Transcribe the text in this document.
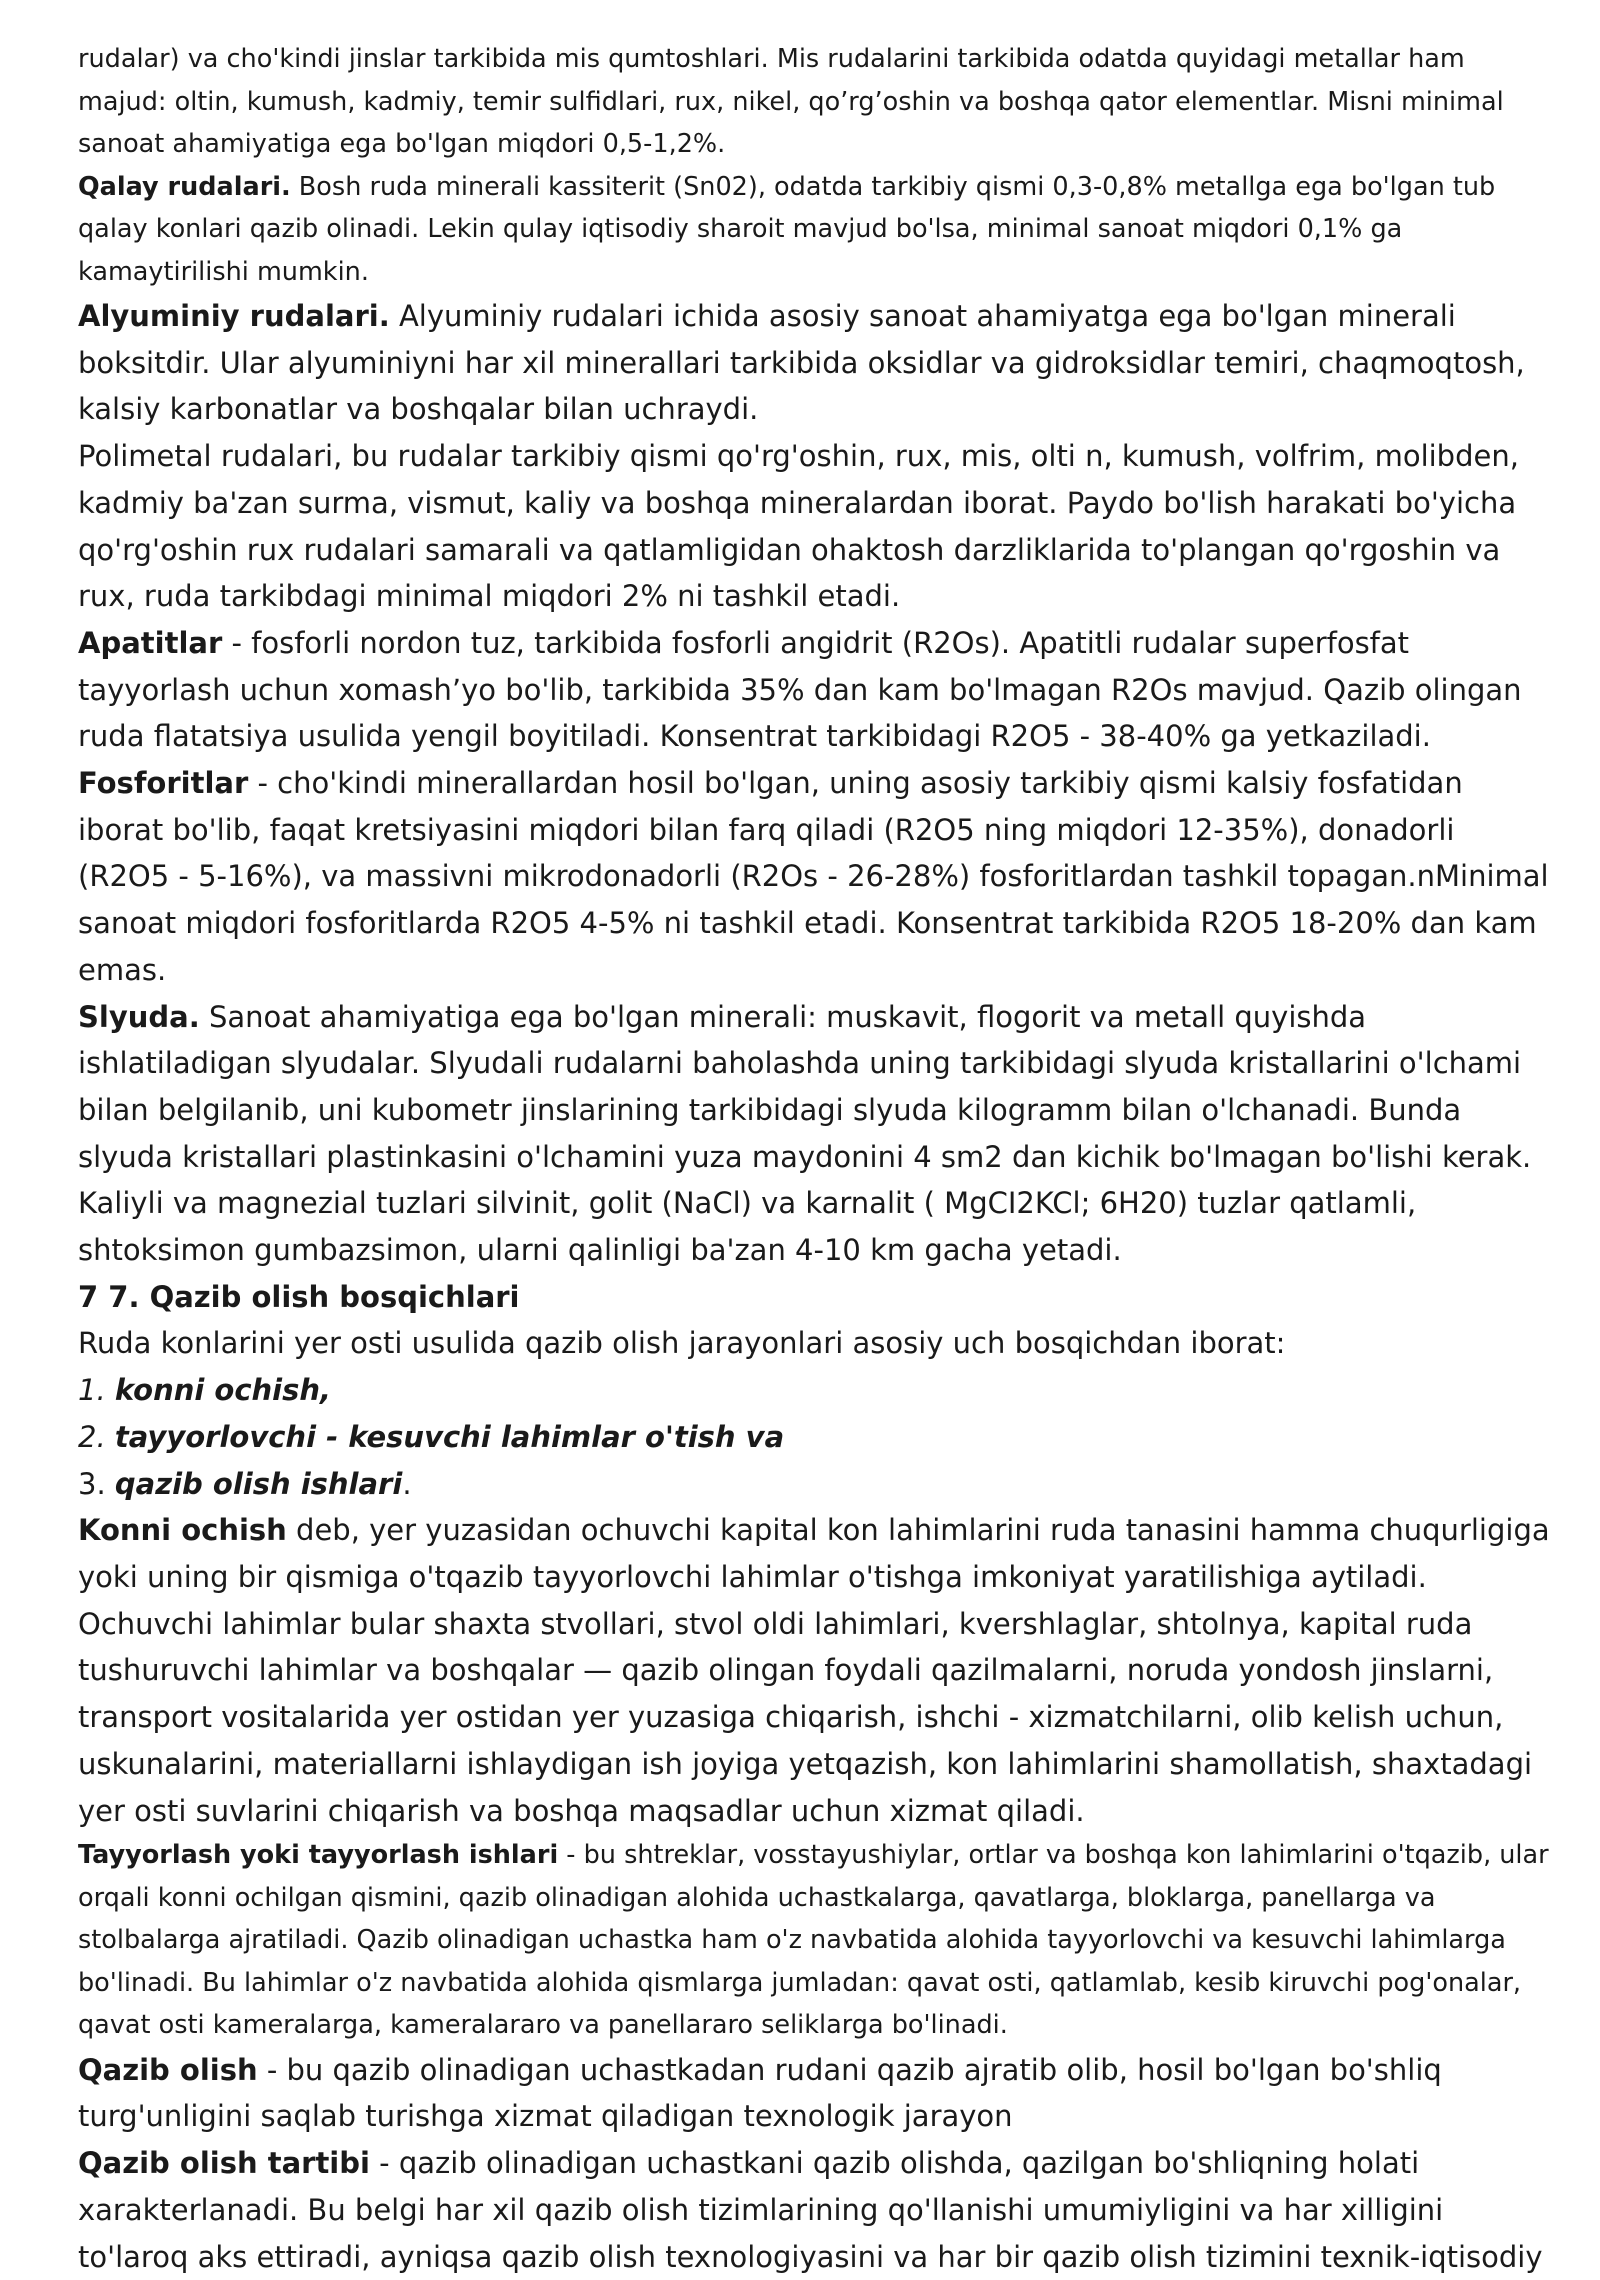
rudalar) va cho'kindi jinslar tarkibida mis qumtoshlari. Mis rudalarini tarkibida odatda quyidagi metallar ham majud: oltin, kumush, kadmiy, temir sulfidlari, rux, nikel, qo’rg’oshin va boshqa qator elementlar. Misni minimal sanoat ahamiyatiga ega bo'lgan miqdori 0,5-1,2%.
Qalay rudalari. Bosh ruda minerali kassiterit (Sn02), odatda tarkibiy qismi 0,3-0,8% metallga ega bo'lgan tub qalay konlari qazib olinadi. Lekin qulay iqtisodiy sharoit mavjud bo'lsa, minimal sanoat miqdori 0,1% ga kamaytirilishi mumkin.
Alyuminiy rudalari. Alyuminiy rudalari ichida asosiy sanoat ahamiyatga ega bo'lgan minerali boksitdir. Ular alyuminiyni har xil minerallari tarkibida oksidlar va gidroksidlar temiri, chaqmoqtosh, kalsiy karbonatlar va boshqalar bilan uchraydi.
Polimetal rudalari, bu rudalar tarkibiy qismi qo'rg'oshin, rux, mis, olti n, kumush, volfrim, molibden, kadmiy ba'zan surma, vismut, kaliy va boshqa mineralardan iborat. Paydo bo'lish harakati bo'yicha qo'rg'oshin rux rudalari samarali va qatlamligidan ohaktosh darzliklarida to'plangan qo'rgoshin va rux, ruda tarkibdagi minimal miqdori 2% ni tashkil etadi.
Apatitlar - fosforli nordon tuz, tarkibida fosforli angidrit (R2Os). Apatitli rudalar superfosfat tayyorlash uchun xomash’yo bo'lib, tarkibida 35% dan kam bo'lmagan R2Os mavjud. Qazib olingan ruda flatatsiya usulida yengil boyitiladi. Konsentrat tarkibidagi R2O5 - 38-40% ga yetkaziladi.
Fosforitlar - cho'kindi minerallardan hosil bo'lgan, uning asosiy tarkibiy qismi kalsiy fosfatidan iborat bo'lib, faqat kretsiyasini miqdori bilan farq qiladi (R2O5 ning miqdori 12-35%), donadorli (R2O5 - 5-16%), va massivni mikrodonadorli (R2Os - 26-28%) fosforitlardan tashkil topagan.nMinimal sanoat miqdori fosforitlarda R2O5 4-5% ni tashkil etadi. Konsentrat tarkibida R2O5 18-20% dan kam emas.
Slyuda. Sanoat ahamiyatiga ega bo'lgan minerali: muskavit, flogorit va metall quyishda ishlatiladigan slyudalar. Slyudali rudalarni baholashda uning tarkibidagi slyuda kristallarini o'lchami bilan belgilanib, uni kubometr jinslarining tarkibidagi slyuda kilogramm bilan o'lchanadi. Bunda slyuda kristallari plastinkasini o'lchamini yuza maydonini 4 sm2 dan kichik bo'lmagan bo'lishi kerak. Kaliyli va magnezial tuzlari silvinit, golit (NaCl) va karnalit ( MgCI2KCl; 6H20) tuzlar qatlamli, shtoksimon gumbazsimon, ularni qalinligi ba'zan 4-10 km gacha yetadi.
7 7. Qazib olish bosqichlari
Ruda konlarini yer osti usulida qazib olish jarayonlari asosiy uch bosqichdan iborat:
1. konni ochish,
2. tayyorlovchi - kesuvchi lahimlar o'tish va
3. qazib olish ishlari.
Konni ochish deb, yer yuzasidan ochuvchi kapital kon lahimlarini ruda tanasini hamma chuqurligiga yoki uning bir qismiga o'tqazib tayyorlovchi lahimlar o'tishga imkoniyat yaratilishiga aytiladi. Ochuvchi lahimlar bular shaxta stvollari, stvol oldi lahimlari, kvershlaglar, shtolnya, kapital ruda tushuruvchi lahimlar va boshqalar — qazib olingan foydali qazilmalarni, noruda yondosh jinslarni, transport vositalarida yer ostidan yer yuzasiga chiqarish, ishchi - xizmatchilarni, olib kelish uchun, uskunalarini, materiallarni ishlaydigan ish joyiga yetqazish, kon lahimlarini shamollatish, shaxtadagi yer osti suvlarini chiqarish va boshqa maqsadlar uchun xizmat qiladi.
Tayyorlash yoki tayyorlash ishlari - bu shtreklar, vosstayushiylar, ortlar va boshqa kon lahimlarini o'tqazib, ular orqali konni ochilgan qismini, qazib olinadigan alohida uchastkalarga, qavatlarga, bloklarga, panellarga va stolbalarga ajratiladi. Qazib olinadigan uchastka ham o'z navbatida alohida tayyorlovchi va kesuvchi lahimlarga bo'linadi. Bu lahimlar o'z navbatida alohida qismlarga jumladan: qavat osti, qatlamlab, kesib kiruvchi pog'onalar, qavat osti kameralarga, kameralararo va panellararo seliklarga bo'linadi.
Qazib olish - bu qazib olinadigan uchastkadan rudani qazib ajratib olib, hosil bo'lgan bo'shliq turg'unligini saqlab turishga xizmat qiladigan texnologik jarayon
Qazib olish tartibi - qazib olinadigan uchastkani qazib olishda, qazilgan bo'shliqning holati xarakterlanadi. Bu belgi har xil qazib olish tizimlarining qo'llanishi umumiyligini va har xilligini to'laroq aks ettiradi, ayniqsa qazib olish texnologiyasini va har bir qazib olish tizimini texnik-iqtisodiy
